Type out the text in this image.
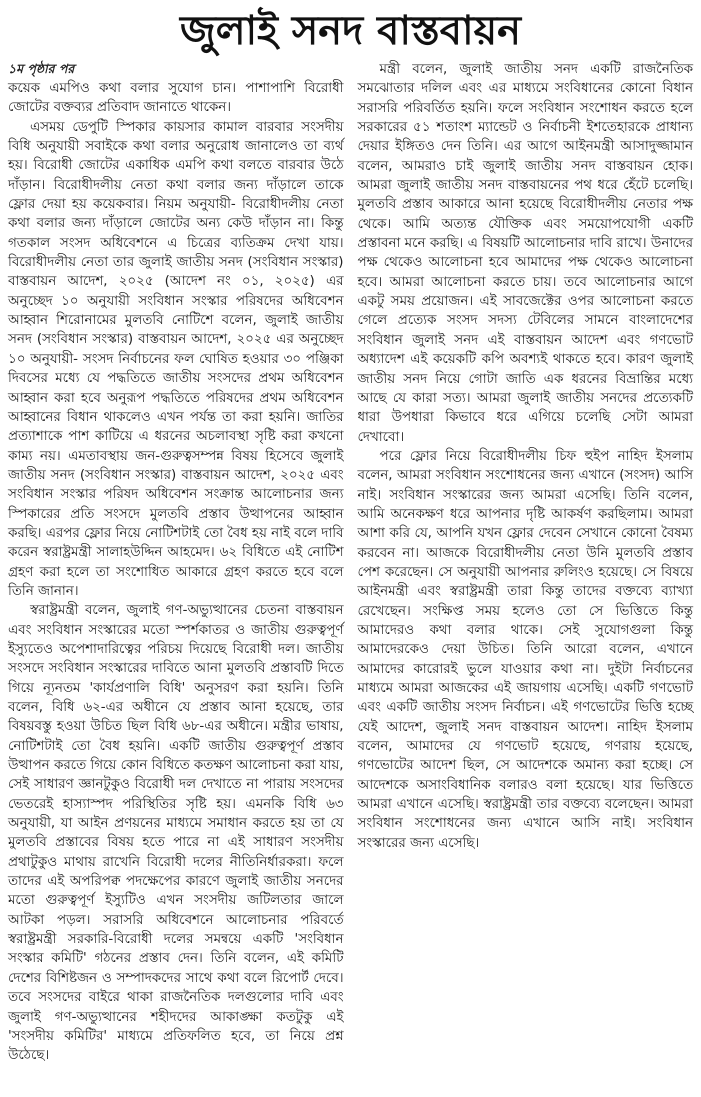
জুলাই সনদ বাস্তবায়ন
১ম পৃষ্ঠার পর

কয়েক এমপিও কথা বলার সুযোগ চান। পাশাপাশি বিরোধী জোটের বক্তব্যর প্রতিবাদ জানাতে থাকেন।

এসময় ডেপুটি স্পিকার কায়সার কামাল বারবার সংসদীয় বিধি অনুযায়ী সবাইকে কথা বলার অনুরোধ জানালেও তা ব্যর্থ হয়। বিরোধী জোটের একাধিক এমপি কথা বলতে বারবার উঠে দাঁড়ান। বিরোধীদলীয় নেতা কথা বলার জন্য দাঁড়ালে তাকে ফ্লোর দেয়া হয় কয়েকবার। নিয়ম অনুযায়ী- বিরোধীদলীয় নেতা কথা বলার জন্য দাঁড়ালে জোটের অন্য কেউ দাঁড়ান না। কিন্তু গতকাল সংসদ অধিবেশনে এ চিত্রের ব্যতিক্রম দেখা যায়। বিরোধীদলীয় নেতা তার জুলাই জাতীয় সনদ (সংবিধান সংস্কার) বাস্তবায়ন আদেশ, ২০২৫ (আদেশ নং ০১, ২০২৫) এর অনুচ্ছেদ ১০ অনুযায়ী সংবিধান সংস্কার পরিষদের অধিবেশন আহ্বান শিরোনামের মুলতবি নোটিশে বলেন, জুলাই জাতীয় সনদ (সংবিধান সংস্কার) বাস্তবায়ন আদেশ, ২০২৫ এর অনুচ্ছেদ ১০ অনুযায়ী- সংসদ নির্বাচনের ফল ঘোষিত হওয়ার ৩০ পঞ্জিকা দিবসের মধ্যে যে পদ্ধতিতে জাতীয় সংসদের প্রথম অধিবেশন আহ্বান করা হবে অনুরূপ পদ্ধতিতে পরিষদের প্রথম অধিবেশন আহ্বানের বিধান থাকলেও এখন পর্যন্ত তা করা হয়নি। জাতির প্রত্যাশাকে পাশ কাটিয়ে এ ধরনের অচলাবস্থা সৃষ্টি করা কখনো কাম্য নয়। এমতাবস্থায় জন-গুরুত্বসম্পন্ন বিষয় হিসেবে জুলাই জাতীয় সনদ (সংবিধান সংস্কার) বাস্তবায়ন আদেশ, ২০২৫ এবং সংবিধান সংস্কার পরিষদ অধিবেশন সংক্রান্ত আলোচনার জন্য স্পিকারের প্রতি সংসদে মুলতবি প্রস্তাব উত্থাপনের আহ্বান করছি। এরপর ফ্লোর নিয়ে নোটিশটাই তো বৈধ হয় নাই বলে দাবি করেন স্বরাষ্ট্রমন্ত্রী সালাহউদ্দিন আহমেদ। ৬২ বিধিতে এই নোটিশ গ্রহণ করা হলে তা সংশোধিত আকারে গ্রহণ করতে হবে বলে তিনি জানান।

স্বরাষ্ট্রমন্ত্রী বলেন, জুলাই গণ-অভ্যুত্থানের চেতনা বাস্তবায়ন এবং সংবিধান সংস্কারের মতো স্পর্শকাতর ও জাতীয় গুরুত্বপূর্ণ ইস্যুতেও অপেশাদারিত্বের পরিচয় দিয়েছে বিরোধী দল। জাতীয় সংসদে সংবিধান সংস্কারের দাবিতে আনা মুলতবি প্রস্তাবটি দিতে গিয়ে ন্যূনতম 'কার্যপ্রণালি বিধি' অনুসরণ করা হয়নি। তিনি বলেন, বিধি ৬২-এর অধীনে যে প্রস্তাব আনা হয়েছে, তার বিষয়বস্তু হওয়া উচিত ছিল বিধি ৬৮-এর অধীনে। মন্ত্রীর ভাষায়, নোটিশটাই তো বৈধ হয়নি। একটি জাতীয় গুরুত্বপূর্ণ প্রস্তাব উত্থাপন করতে গিয়ে কোন বিধিতে কতক্ষণ আলোচনা করা যায়, সেই সাধারণ জ্ঞানটুকুও বিরোধী দল দেখাতে না পারায় সংসদের ভেতরেই হাস্যাস্পদ পরিস্থিতির সৃষ্টি হয়। এমনকি বিধি ৬৩ অনুযায়ী, যা আইন প্রণয়নের মাধ্যমে সমাধান করতে হয় তা যে মুলতবি প্রস্তাবের বিষয় হতে পারে না এই সাধারণ সংসদীয় প্রথাটুকুও মাথায় রাখেনি বিরোধী দলের নীতিনির্ধারকরা। ফলে তাদের এই অপরিপক্ব পদক্ষেপের কারণে জুলাই জাতীয় সনদের মতো গুরুত্বপূর্ণ ইস্যুটিও এখন সংসদীয় জটিলতার জালে আটকা পড়ল। সরাসরি অধিবেশনে আলোচনার পরিবর্তে স্বরাষ্ট্রমন্ত্রী সরকারি-বিরোধী দলের সমন্বয়ে একটি 'সংবিধান সংস্কার কমিটি' গঠনের প্রস্তাব দেন। তিনি বলেন, এই কমিটি দেশের বিশিষ্টজন ও সম্পাদকদের সাথে কথা বলে রিপোর্ট দেবে। তবে সংসদের বাইরে থাকা রাজনৈতিক দলগুলোর দাবি এবং জুলাই গণ-অভ্যুত্থানের শহীদদের আকাঙ্ক্ষা কতটুকু এই 'সংসদীয় কমিটির' মাধ্যমে প্রতিফলিত হবে, তা নিয়ে প্রশ্ন উঠেছে।

মন্ত্রী বলেন, জুলাই জাতীয় সনদ একটি রাজনৈতিক সমঝোতার দলিল এবং এর মাধ্যমে সংবিধানের কোনো বিধান সরাসরি পরিবর্তিত হয়নি। ফলে সংবিধান সংশোধন করতে হলে সরকারের ৫১ শতাংশ ম্যান্ডেট ও নির্বাচনী ইশতেহারকে প্রাধান্য দেয়ার ইঙ্গিতও দেন তিনি। এর আগে আইনমন্ত্রী আসাদুজ্জামান বলেন, আমরাও চাই জুলাই জাতীয় সনদ বাস্তবায়ন হোক। আমরা জুলাই জাতীয় সনদ বাস্তবায়নের পথ ধরে হেঁটে চলেছি। মুলতবি প্রস্তাব আকারে আনা হয়েছে বিরোধীদলীয় নেতার পক্ষ থেকে। আমি অত্যন্ত যৌক্তিক এবং সময়োপযোগী একটি প্রস্তাবনা মনে করছি। এ বিষয়টি আলোচনার দাবি রাখে। উনাদের পক্ষ থেকেও আলোচনা হবে আমাদের পক্ষ থেকেও আলোচনা হবে। আমরা আলোচনা করতে চায়। তবে আলোচনার আগে একটু সময় প্রয়োজন। এই সাবজেক্টের ওপর আলোচনা করতে গেলে প্রত্যেক সংসদ সদস্য টেবিলের সামনে বাংলাদেশের সংবিধান জুলাই সনদ এই বাস্তবায়ন আদেশ এবং গণভোট অধ্যাদেশ এই কয়েকটি কপি অবশ্যই থাকতে হবে। কারণ জুলাই জাতীয় সনদ নিয়ে গোটা জাতি এক ধরনের বিভ্রান্তির মধ্যে আছে যে কারা সত্য। আমরা জুলাই জাতীয় সনদের প্রত্যেকটি ধারা উপধারা কিভাবে ধরে এগিয়ে চলেছি সেটা আমরা দেখাবো।

পরে ফ্লোর নিয়ে বিরোধীদলীয় চিফ হুইপ নাহিদ ইসলাম বলেন, আমরা সংবিধান সংশোধনের জন্য এখানে (সংসদ) আসি নাই। সংবিধান সংস্কারের জন্য আমরা এসেছি। তিনি বলেন, আমি অনেকক্ষণ ধরে আপনার দৃষ্টি আকর্ষণ করছিলাম। আমরা আশা করি যে, আপনি যখন ফ্লোর দেবেন সেখানে কোনো বৈষম্য করবেন না। আজকে বিরোধীদলীয় নেতা উনি মুলতবি প্রস্তাব পেশ করেছেন। সে অনুযায়ী আপনার রুলিংও হয়েছে। সে বিষয়ে আইনমন্ত্রী এবং স্বরাষ্ট্রমন্ত্রী তারা কিন্তু তাদের বক্তব্যে ব্যাখ্যা রেখেছেন। সংক্ষিপ্ত সময় হলেও তো সে ভিত্তিতে কিন্তু আমাদেরও কথা বলার থাকে। সেই সুযোগগুলা কিন্তু আমাদেরকেও দেয়া উচিত। তিনি আরো বলেন, এখানে আমাদের কারোরই ভুলে যাওয়ার কথা না। দুইটা নির্বাচনের মাধ্যমে আমরা আজকের এই জায়গায় এসেছি। একটি গণভোট এবং একটি জাতীয় সংসদ নির্বাচন। এই গণভোটের ভিত্তি হচ্ছে যেই আদেশ, জুলাই সনদ বাস্তবায়ন আদেশ। নাহিদ ইসলাম বলেন, আমাদের যে গণভোট হয়েছে, গণরায় হয়েছে, গণভোটের আদেশ ছিল, সে আদেশকে অমান্য করা হচ্ছে। সে আদেশকে অসাংবিধানিক বলারও বলা হয়েছে। যার ভিত্তিতে আমরা এখানে এসেছি। স্বরাষ্ট্রমন্ত্রী তার বক্তব্যে বলেছেন। আমরা সংবিধান সংশোধনের জন্য এখানে আসি নাই। সংবিধান সংস্কারের জন্য এসেছি।
